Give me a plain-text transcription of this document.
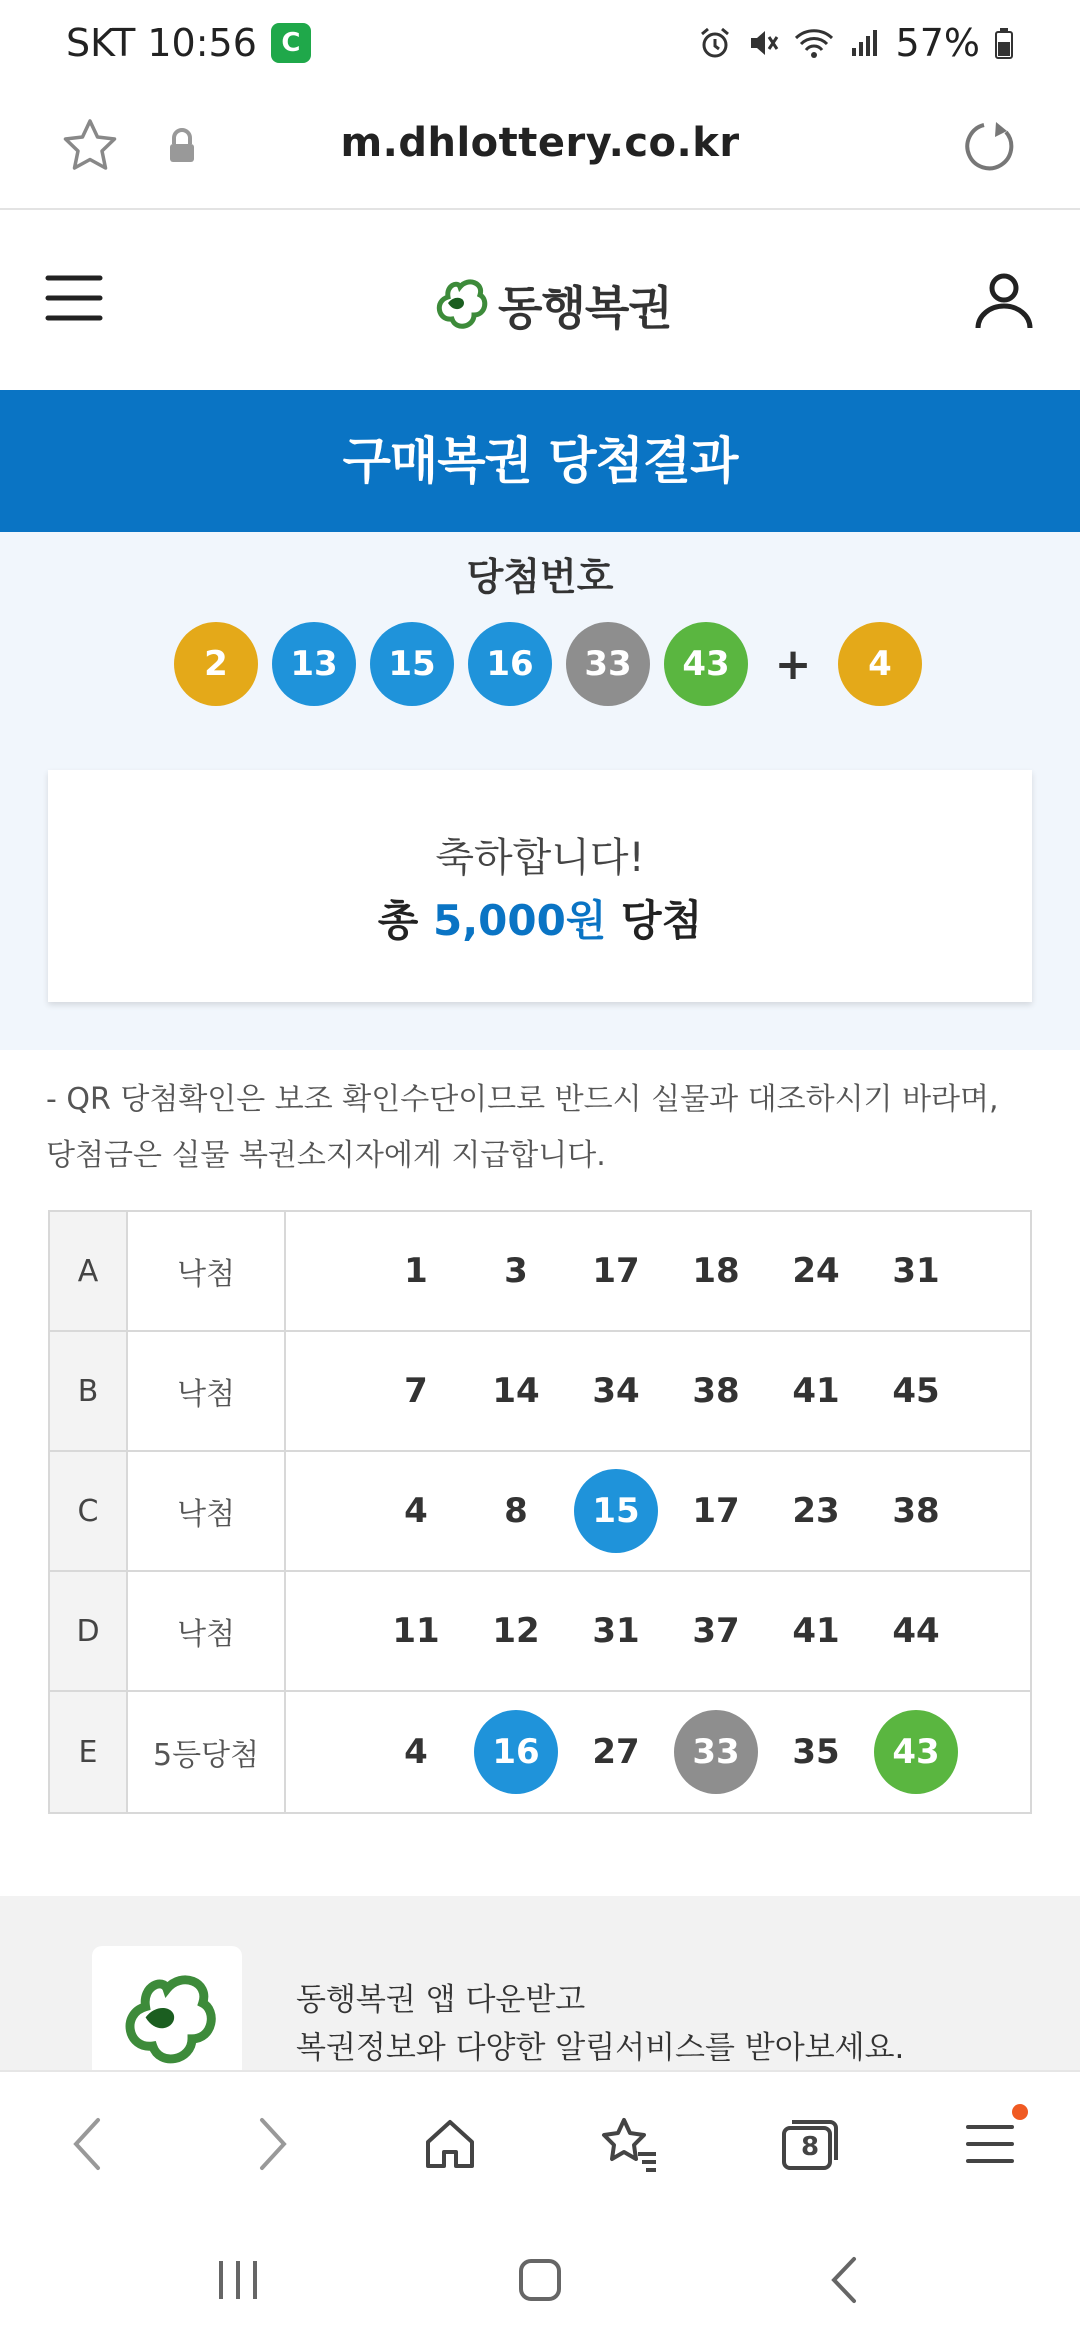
SKT 10:56 C	57%
m.dhlottery.co.kr
동행복권
구매복권 당첨결과
당첨번호
2	13	15	16	33	43	+	4
축하합니다!
총 5,000원 당첨
- QR 당첨확인은 보조 확인수단이므로 반드시 실물과 대조하시기 바라며, 당첨금은 실물 복권소지자에게 지급합니다.
A	낙첨	1	3	17	18	24	31
B	낙첨	7	14	34	38	41	45
C	낙첨	4	8	15	17	23	38
D	낙첨	11	12	31	37	41	44
E	5등당첨	4	16	27	33	35	43
동행복권 앱 다운받고
복권정보와 다양한 알림서비스를 받아보세요.
8
